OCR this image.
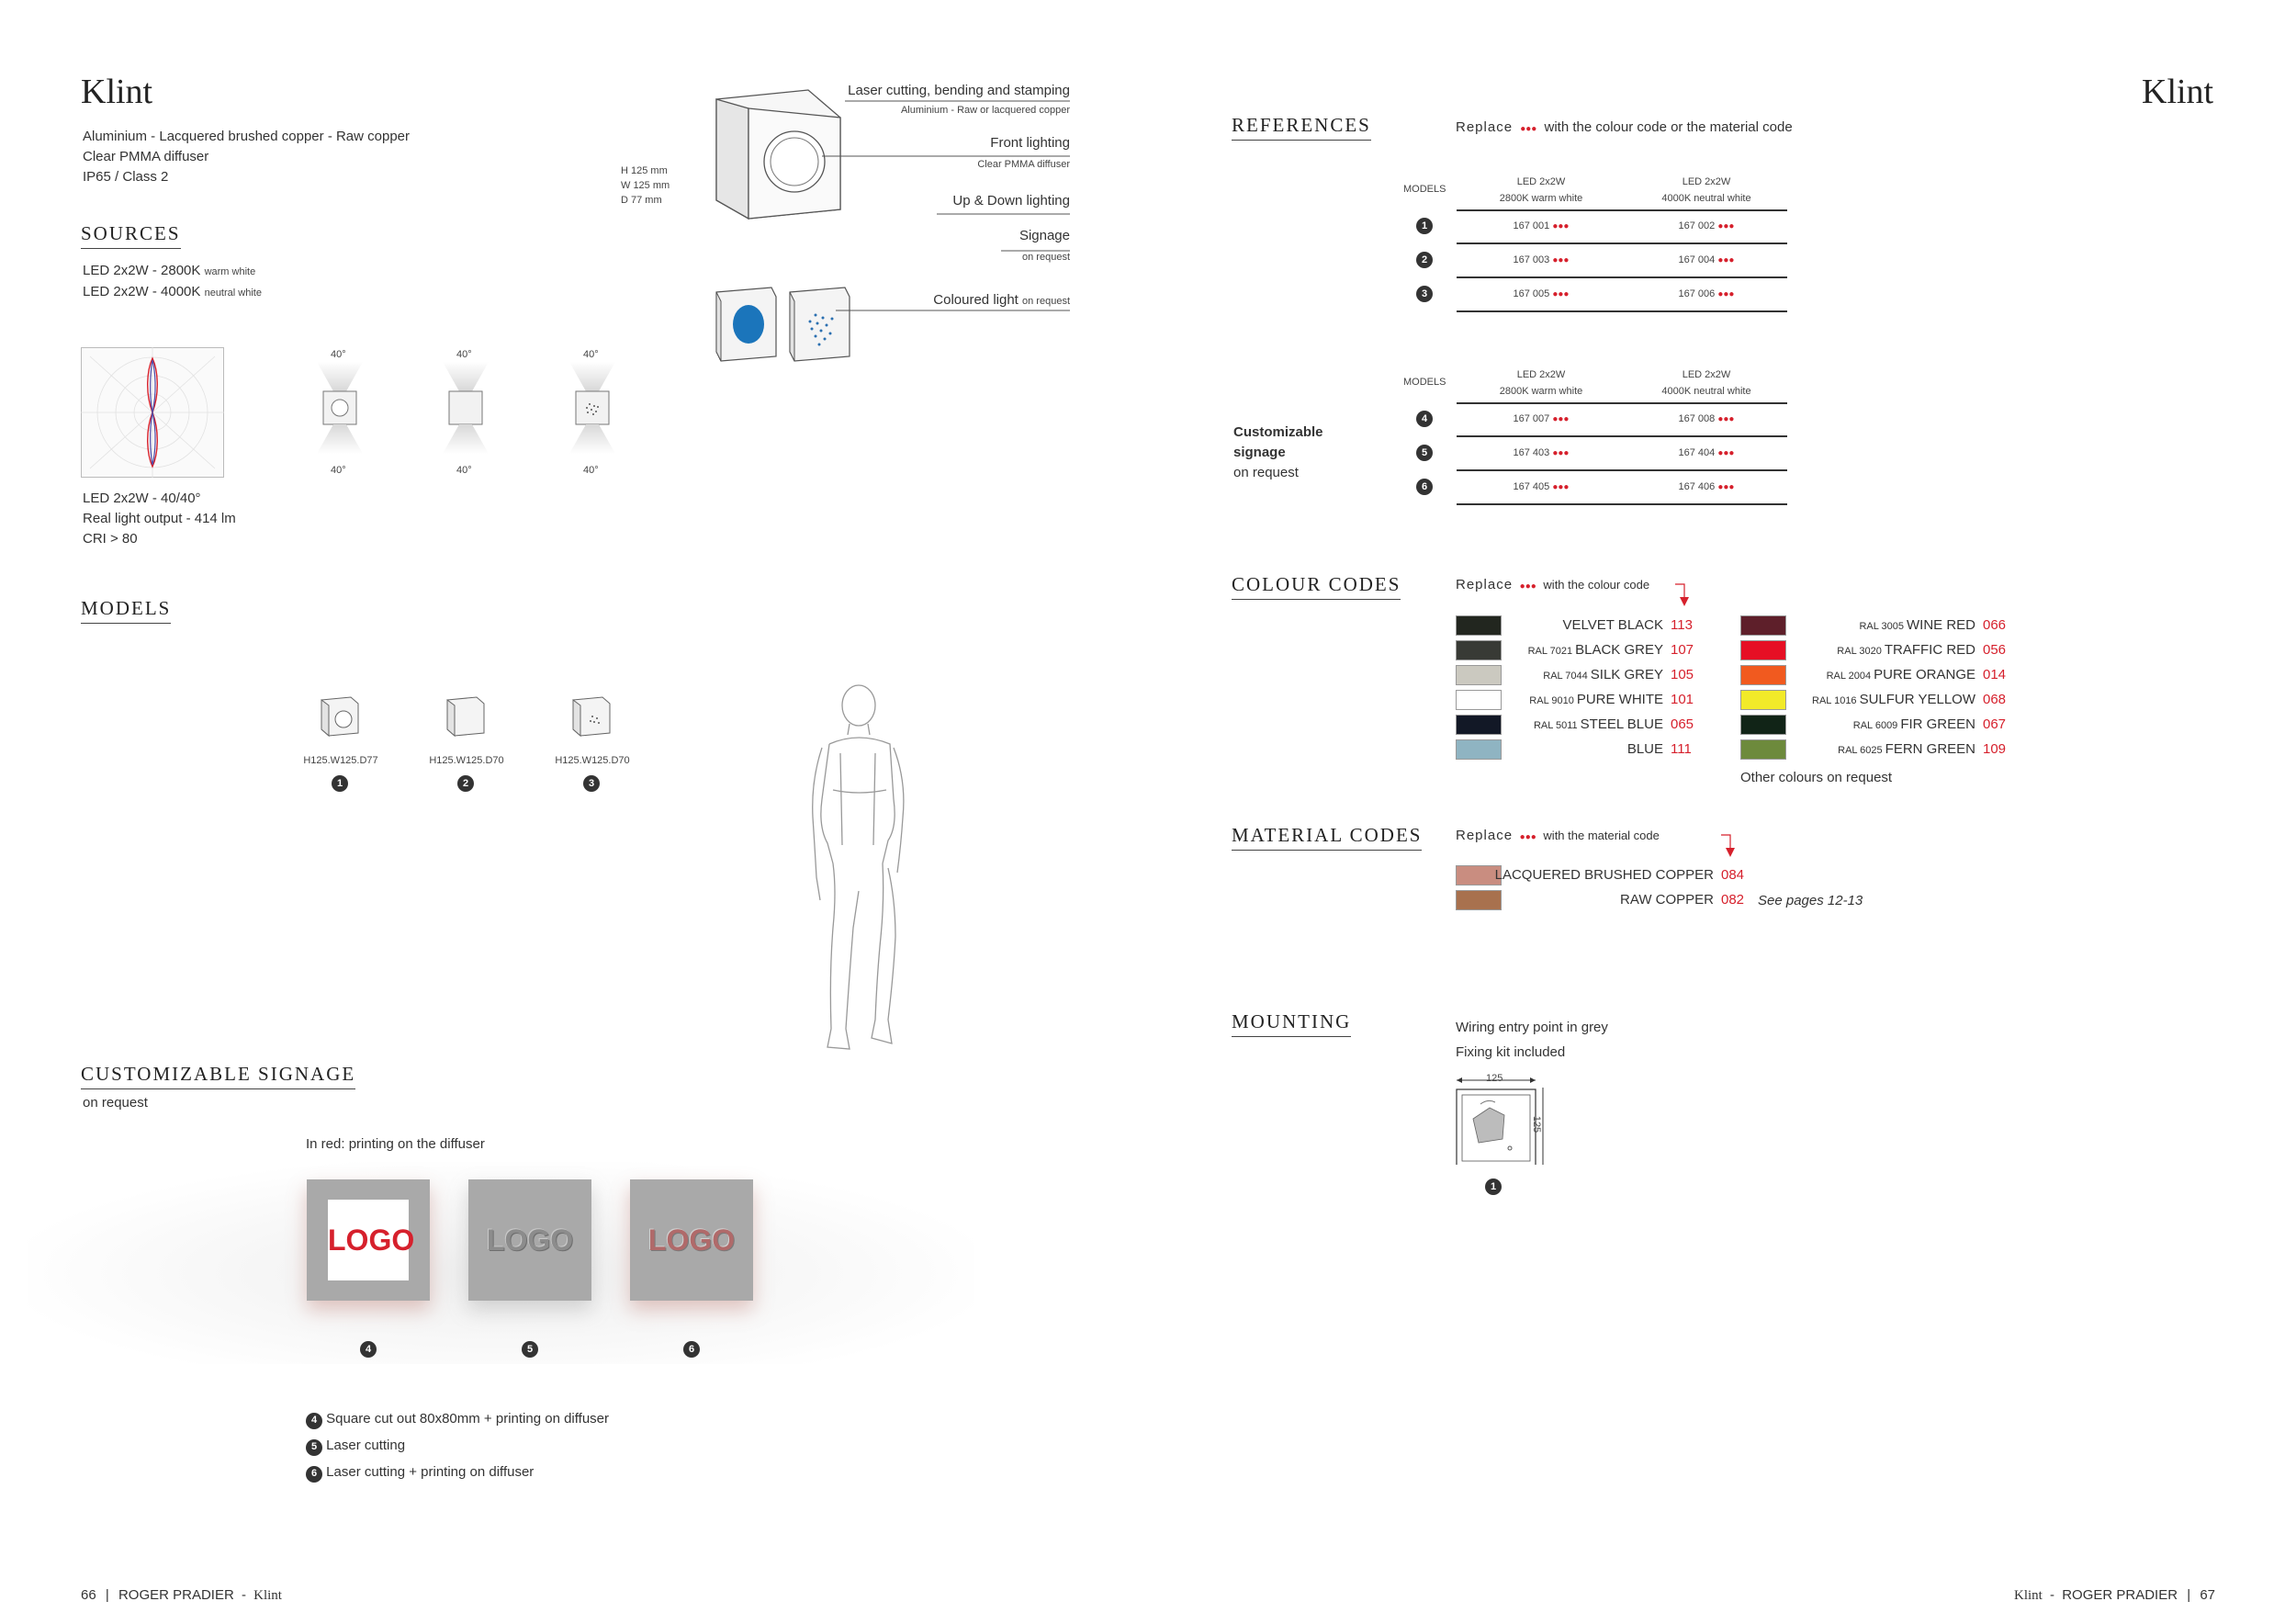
Klint
Aluminium - Lacquered brushed copper - Raw copper
Clear PMMA diffuser
IP65 / Class 2	H 125 mm
W 125 mm
D 77 mm
Laser cutting, bending and stamping
Aluminium - Raw or lacquered copper
Front lighting
Clear PMMA diffuser
Up & Down lighting
Signage
on request
Coloured light on request
SOURCES
LED 2x2W - 2800K warm white
LED 2x2W - 4000K neutral white
40°	40°	40°
40°	40°	40°
LED 2x2W - 40/40°
Real light output - 414 lm
CRI > 80
MODELS
H125.W125.D77	H125.W125.D70	H125.W125.D70
1	2	3
CUSTOMIZABLE SIGNAGE
on request
In red: printing on the diffuser
LOGO	LOGO	LOGO
4	5	6
4 Square cut out 80x80mm + printing on diffuser
5 Laser cutting
6 Laser cutting + printing on diffuser
66 | ROGER PRADIER - Klint
Klint
REFERENCES	Replace ●●● with the colour code or the material code
MODELS
LED 2x2W
2800K warm white
LED 2x2W
4000K neutral white
1	167 001 ●●●	167 002 ●●●
2	167 003 ●●●	167 004 ●●●
3	167 005 ●●●	167 006 ●●●
MODELS
LED 2x2W
2800K warm white
LED 2x2W
4000K neutral white
4	167 007 ●●●	167 008 ●●●
5	167 403 ●●●	167 404 ●●●
6	167 405 ●●●	167 406 ●●●
Customizable
signage
on request
COLOUR CODES	Replace ●●● with the colour code
VELVET BLACK 113
RAL 7021 BLACK GREY 107
RAL 7044 SILK GREY 105
RAL 9010 PURE WHITE 101
RAL 5011 STEEL BLUE 065
BLUE 111
RAL 3005 WINE RED 066
RAL 3020 TRAFFIC RED 056
RAL 2004 PURE ORANGE 014
RAL 1016 SULFUR YELLOW 068
RAL 6009 FIR GREEN 067
RAL 6025 FERN GREEN 109
Other colours on request
MATERIAL CODES Replace ●●● with the material code
LACQUERED BRUSHED COPPER 084
RAW COPPER 082 See pages 12-13
MOUNTING	Wiring entry point in grey
Fixing kit included
125
125
1
Klint - ROGER PRADIER | 67
